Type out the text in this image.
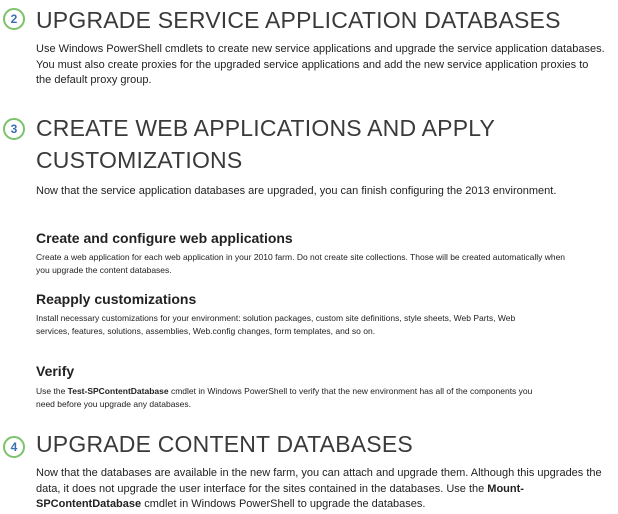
2 UPGRADE SERVICE APPLICATION DATABASES

Use Windows PowerShell cmdlets to create new service applications and upgrade the service application databases. You must also create proxies for the upgraded service applications and add the new service application proxies to the default proxy group.

3 CREATE WEB APPLICATIONS AND APPLY
CUSTOMIZATIONS

Now that the service application databases are upgraded, you can finish configuring the 2013 environment.

Create and configure web applications

Create a web application for each web application in your 2010 farm. Do not create site collections. Those will be created automatically when you upgrade the content databases.

Reapply customizations

Install necessary customizations for your environment: solution packages, custom site definitions, style sheets, Web Parts, Web services, features, solutions, assemblies, Web.config changes, form templates, and so on.

Verify

Use the Test-SPContentDatabase cmdlet in Windows PowerShell to verify that the new environment has all of the components you need before you upgrade any databases.

4 UPGRADE CONTENT DATABASES

Now that the databases are available in the new farm, you can attach and upgrade them. Although this upgrades the data, it does not upgrade the user interface for the sites contained in the databases. Use the Mount-SPContentDatabase cmdlet in Windows PowerShell to upgrade the databases.
